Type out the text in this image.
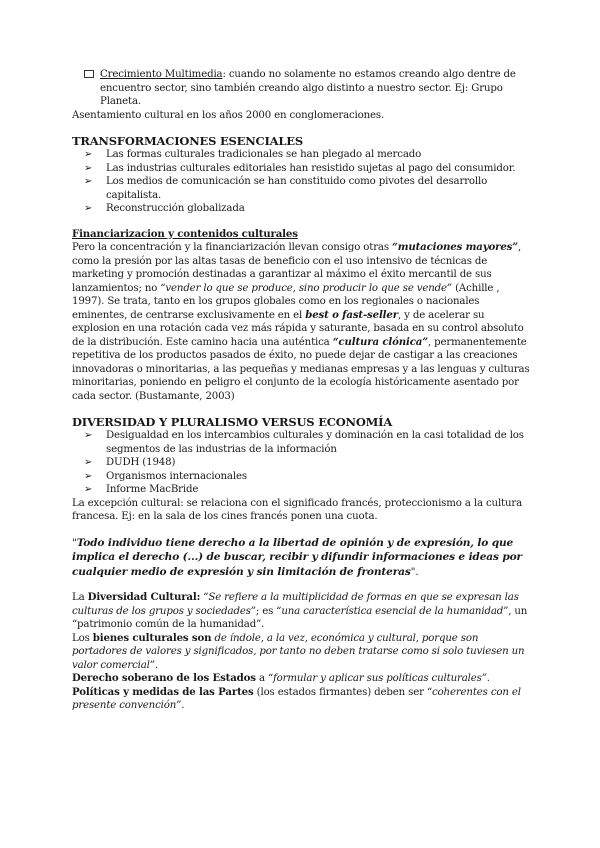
Crecimiento Multimedia: cuando no solamente no estamos creando algo dentre de encuentro sector, sino también creando algo distinto a nuestro sector. Ej: Grupo Planeta.

Asentamiento cultural en los años 2000 en conglomeraciones.

TRANSFORMACIONES ESENCIALES
➢	Las formas culturales tradicionales se han plegado al mercado
➢	Las industrias culturales editoriales han resistido sujetas al pago del consumidor.
➢	Los medios de comunicación se han constituido como pivotes del desarrollo capitalista.
➢	Reconstrucción globalizada

Financiarizacion y contenidos culturales

Pero la concentración y la financiarización llevan consigo otras “mutaciones mayores”, como la presión por las altas tasas de beneficio con el uso intensivo de técnicas de marketing y promoción destinadas a garantizar al máximo el éxito mercantil de sus lanzamientos; no “vender lo que se produce, sino producir lo que se vende” (Achille , 1997). Se trata, tanto en los grupos globales como en los regionales o nacionales eminentes, de centrarse exclusivamente en el best o fast-seller, y de acelerar su explosion en una rotación cada vez más rápida y saturante, basada en su control absoluto de la distribución. Este camino hacia una auténtica “cultura clónica”, permanentemente repetitiva de los productos pasados de éxito, no puede dejar de castigar a las creaciones innovadoras o minoritarias, a las pequeñas y medianas empresas y a las lenguas y culturas minoritarias, poniendo en peligro el conjunto de la ecología históricamente asentado por cada sector. (Bustamante, 2003)

DIVERSIDAD Y PLURALISMO VERSUS ECONOMÍA
➢	Desigualdad en los intercambios culturales y dominación en la casi totalidad de los segmentos de las industrias de la información
➢	DUDH (1948)
➢	Organismos internacionales
➢	Informe MacBride

La excepción cultural: se relaciona con el significado francés, proteccionismo a la cultura francesa. Ej: en la sala de los cines francés ponen una cuota.

"Todo individuo tiene derecho a la libertad de opinión y de expresión, lo que implica el derecho (...) de buscar, recibir y difundir informaciones e ideas por cualquier medio de expresión y sin limitación de fronteras".

La Diversidad Cultural: “Se refiere a la multiplicidad de formas en que se expresan las culturas de los grupos y sociedades”; es “una característica esencial de la humanidad”, un “patrimonio común de la humanidad”.

Los bienes culturales son de índole, a la vez, económica y cultural, porque son portadores de valores y significados, por tanto no deben tratarse como si solo tuviesen un valor comercial”.

Derecho soberano de los Estados a “formular y aplicar sus políticas culturales”.

Políticas y medidas de las Partes (los estados firmantes) deben ser “coherentes con el presente convención”.
